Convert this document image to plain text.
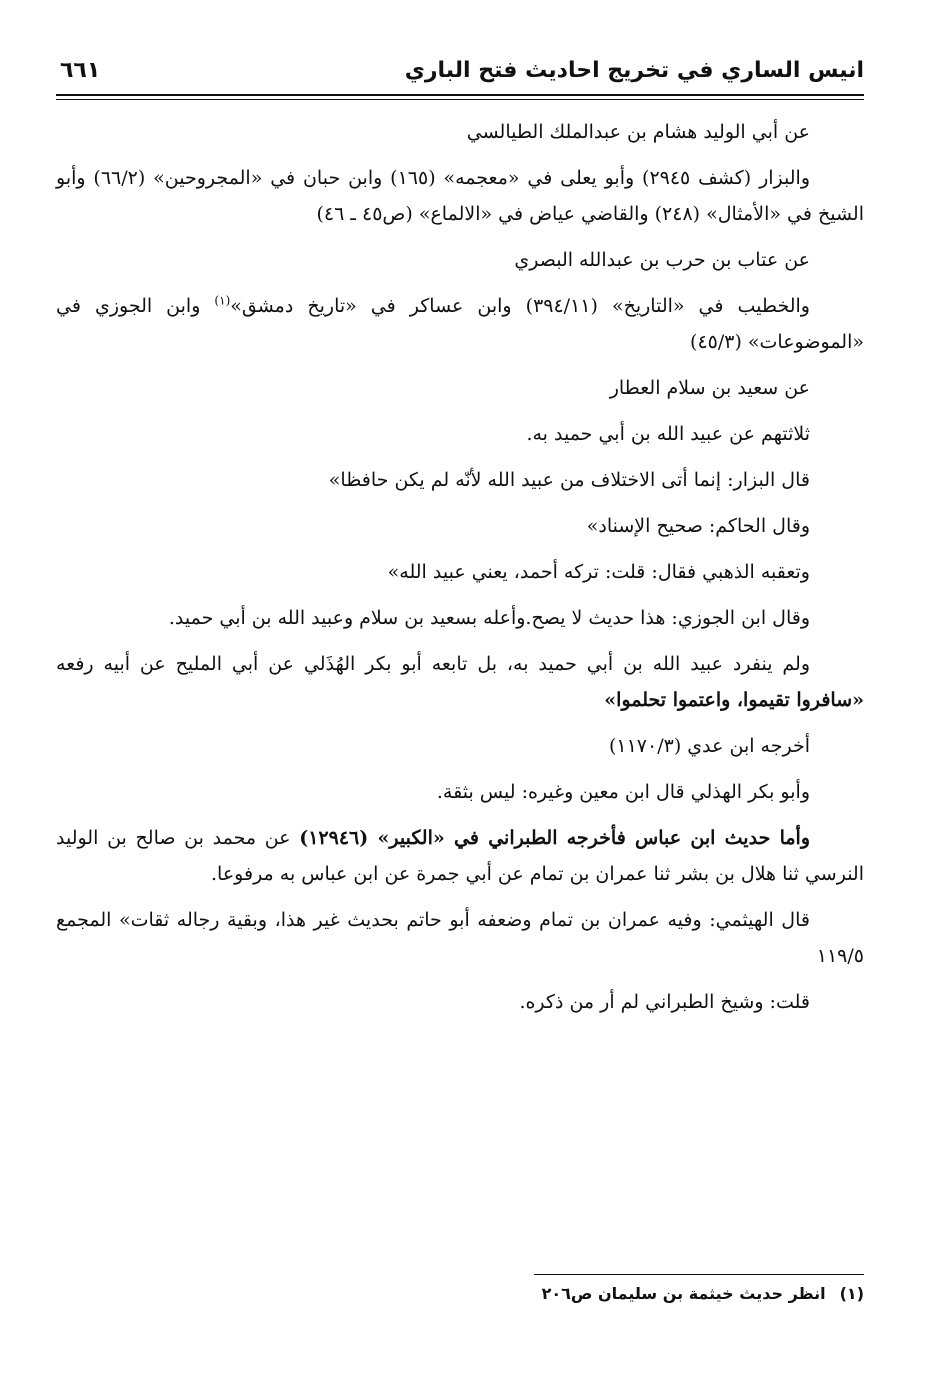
انيس الساري في تخريج احاديث فتح الباري
٦٦١

عن أبي الوليد هشام بن عبدالملك الطيالسي

والبزار (كشف ٢٩٤٥) وأبو يعلى في «معجمه» (١٦٥) وابن حبان في «المجروحين» (٦٦/٢) وأبو الشيخ في «الأمثال» (٢٤٨) والقاضي عياض في «الالماع» (ص٤٥ ـ ٤٦)

عن عتاب بن حرب بن عبدالله البصري

والخطيب في «التاريخ» (٣٩٤/١١) وابن عساكر في «تاريخ دمشق»$^{(١)}$ وابن الجوزي في «الموضوعات» (٤٥/٣)

عن سعيد بن سلام العطار

ثلاثتهم عن عبيد الله بن أبي حميد به.

قال البزار: إنما أتى الاختلاف من عبيد الله لأنّه لم يكن حافظا»

وقال الحاكم: صحيح الإسناد»

وتعقبه الذهبي فقال: قلت: تركه أحمد، يعني عبيد الله»

وقال ابن الجوزي: هذا حديث لا يصح.وأعله بسعيد بن سلام وعبيد الله بن أبي حميد.

ولم ينفرد عبيد الله بن أبي حميد به، بل تابعه أبو بكر الهُذَلي عن أبي المليح عن أبيه رفعه «سافروا تقيموا، واعتموا تحلموا»

أخرجه ابن عدي (١١٧٠/٣)

وأبو بكر الهذلي قال ابن معين وغيره: ليس بثقة.

وأما حديث ابن عباس فأخرجه الطبراني في «الكبير» (١٢٩٤٦) عن محمد بن صالح بن الوليد النرسي ثنا هلال بن بشر ثنا عمران بن تمام عن أبي جمرة عن ابن عباس به مرفوعا.

قال الهيثمي: وفيه عمران بن تمام وضعفه أبو حاتم بحديث غير هذا، وبقية رجاله ثقات» المجمع ١١٩/٥

قلت: وشيخ الطبراني لم أر من ذكره.

(١)انظر حديث خيثمة بن سليمان ص٢٠٦
